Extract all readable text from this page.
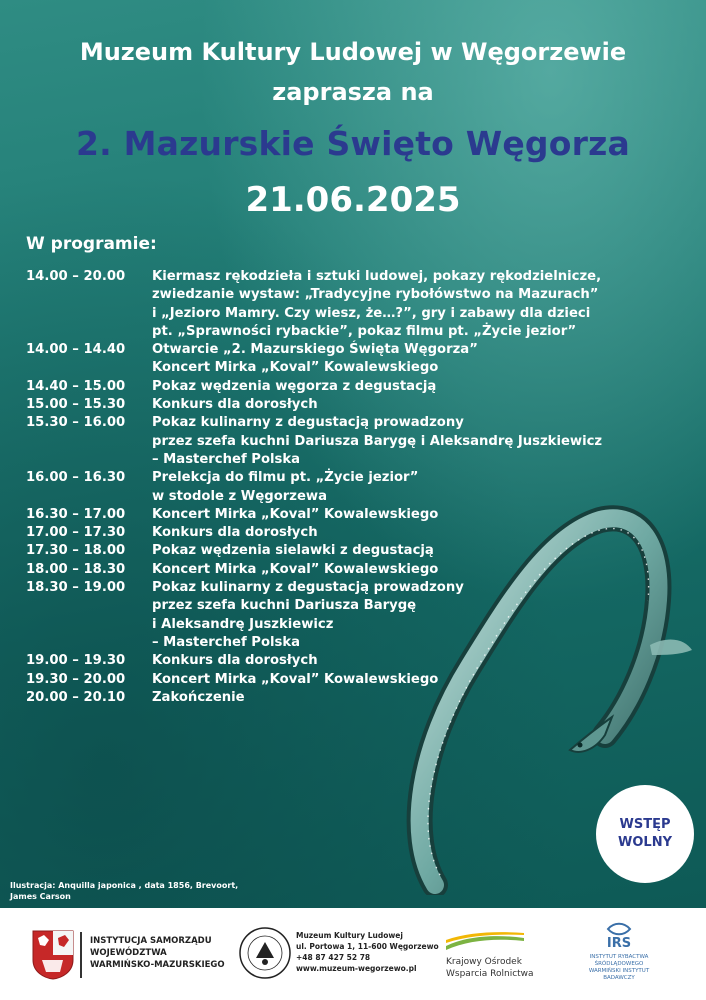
Muzeum Kultury Ludowej w Węgorzewie
zaprasza na
2. Mazurskie Święto Węgorza
21.06.2025
W programie:
14.00 – 20.00	Kiermasz rękodzieła i sztuki ludowej, pokazy rękodzielnicze,
zwiedzanie wystaw: „Tradycyjne rybołówstwo na Mazurach”
i „Jezioro Mamry. Czy wiesz, że…?”, gry i zabawy dla dzieci
pt. „Sprawności rybackie”, pokaz filmu pt. „Życie jezior”
14.00 – 14.40	Otwarcie „2. Mazurskiego Święta Węgorza”
Koncert Mirka „Koval” Kowalewskiego
14.40 – 15.00	Pokaz wędzenia węgorza z degustacją
15.00 – 15.30	Konkurs dla dorosłych
15.30 – 16.00	Pokaz kulinarny z degustacją prowadzony
przez szefa kuchni Dariusza Barygę i Aleksandrę Juszkiewicz
– Masterchef Polska
16.00 – 16.30	Prelekcja do filmu pt. „Życie jezior”
w stodole z Węgorzewa
16.30 – 17.00	Koncert Mirka „Koval” Kowalewskiego
17.00 – 17.30	Konkurs dla dorosłych
17.30 – 18.00	Pokaz wędzenia sielawki z degustacją
18.00 – 18.30	Koncert Mirka „Koval” Kowalewskiego
18.30 – 19.00	Pokaz kulinarny z degustacją prowadzony
przez szefa kuchni Dariusza Barygę
i Aleksandrę Juszkiewicz
– Masterchef Polska
19.00 – 19.30	Konkurs dla dorosłych
19.30 – 20.00	Koncert Mirka „Koval” Kowalewskiego
20.00 – 20.10	Zakończenie
WSTĘP
WOLNY
Ilustracja: Anquilla japonica , data 1856, Brevoort,
James Carson
INSTYTUCJA SAMORZĄDU
WOJEWÓDZTWA
WARMIŃSKO-MAZURSKIEGO
Muzeum Kultury Ludowej
ul. Portowa 1, 11-600 Węgorzewo
+48 87 427 52 78
www.muzeum-wegorzewo.pl
Krajowy Ośrodek
Wsparcia Rolnictwa
IRS
INSTYTUT RYBACTWA
ŚRÓDLĄDOWEGO
WARMIŃSKI INSTYTUT BADAWCZY
